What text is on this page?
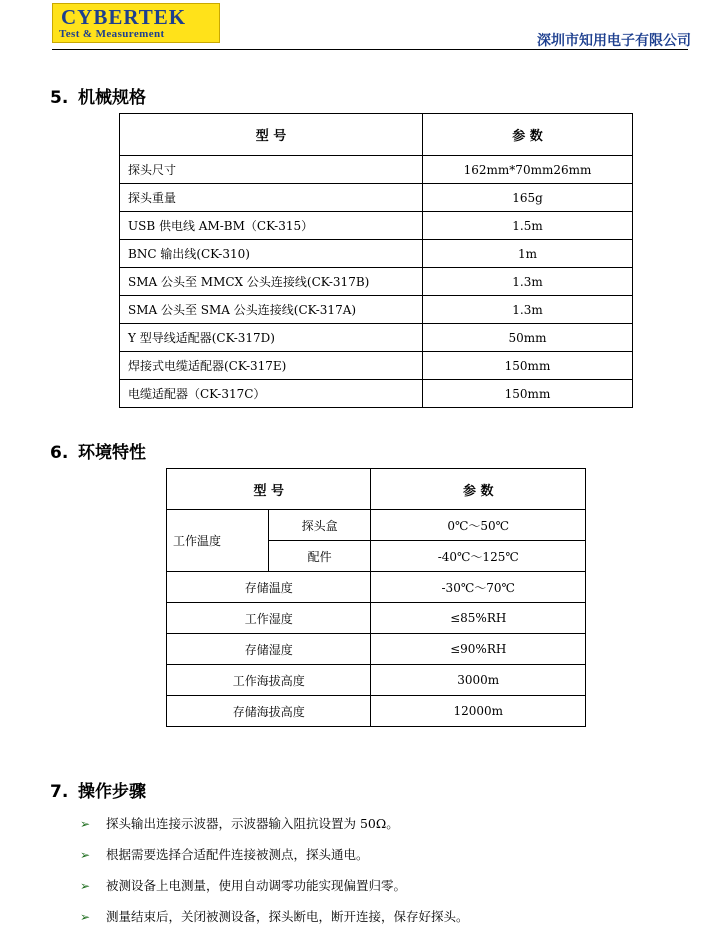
CYBERTEK
Test & Measurement	深圳市知用电子有限公司
5. 机械规格
型 号	参 数
探头尺寸	162mm*70mm26mm
探头重量	165g
USB 供电线 AM-BM（CK-315）	1.5m
BNC 输出线(CK-310)	1m
SMA 公头至 MMCX 公头连接线(CK-317B)	1.3m
SMA 公头至 SMA 公头连接线(CK-317A)	1.3m
Y 型导线适配器(CK-317D)	50mm
焊接式电缆适配器(CK-317E)	150mm
电缆适配器（CK-317C）	150mm
6. 环境特性
型 号		参 数
工作温度	探头盒	0℃～50℃
	配件	-40℃～125℃
存储温度		-30℃～70℃
工作湿度		≤85%RH
存储湿度		≤90%RH
工作海拔高度		3000m
存储海拔高度		12000m
7. 操作步骤
➢ 探头输出连接示波器，示波器输入阻抗设置为 50Ω。
➢ 根据需要选择合适配件连接被测点，探头通电。
➢ 被测设备上电测量，使用自动调零功能实现偏置归零。
➢ 测量结束后，关闭被测设备，探头断电，断开连接，保存好探头。
